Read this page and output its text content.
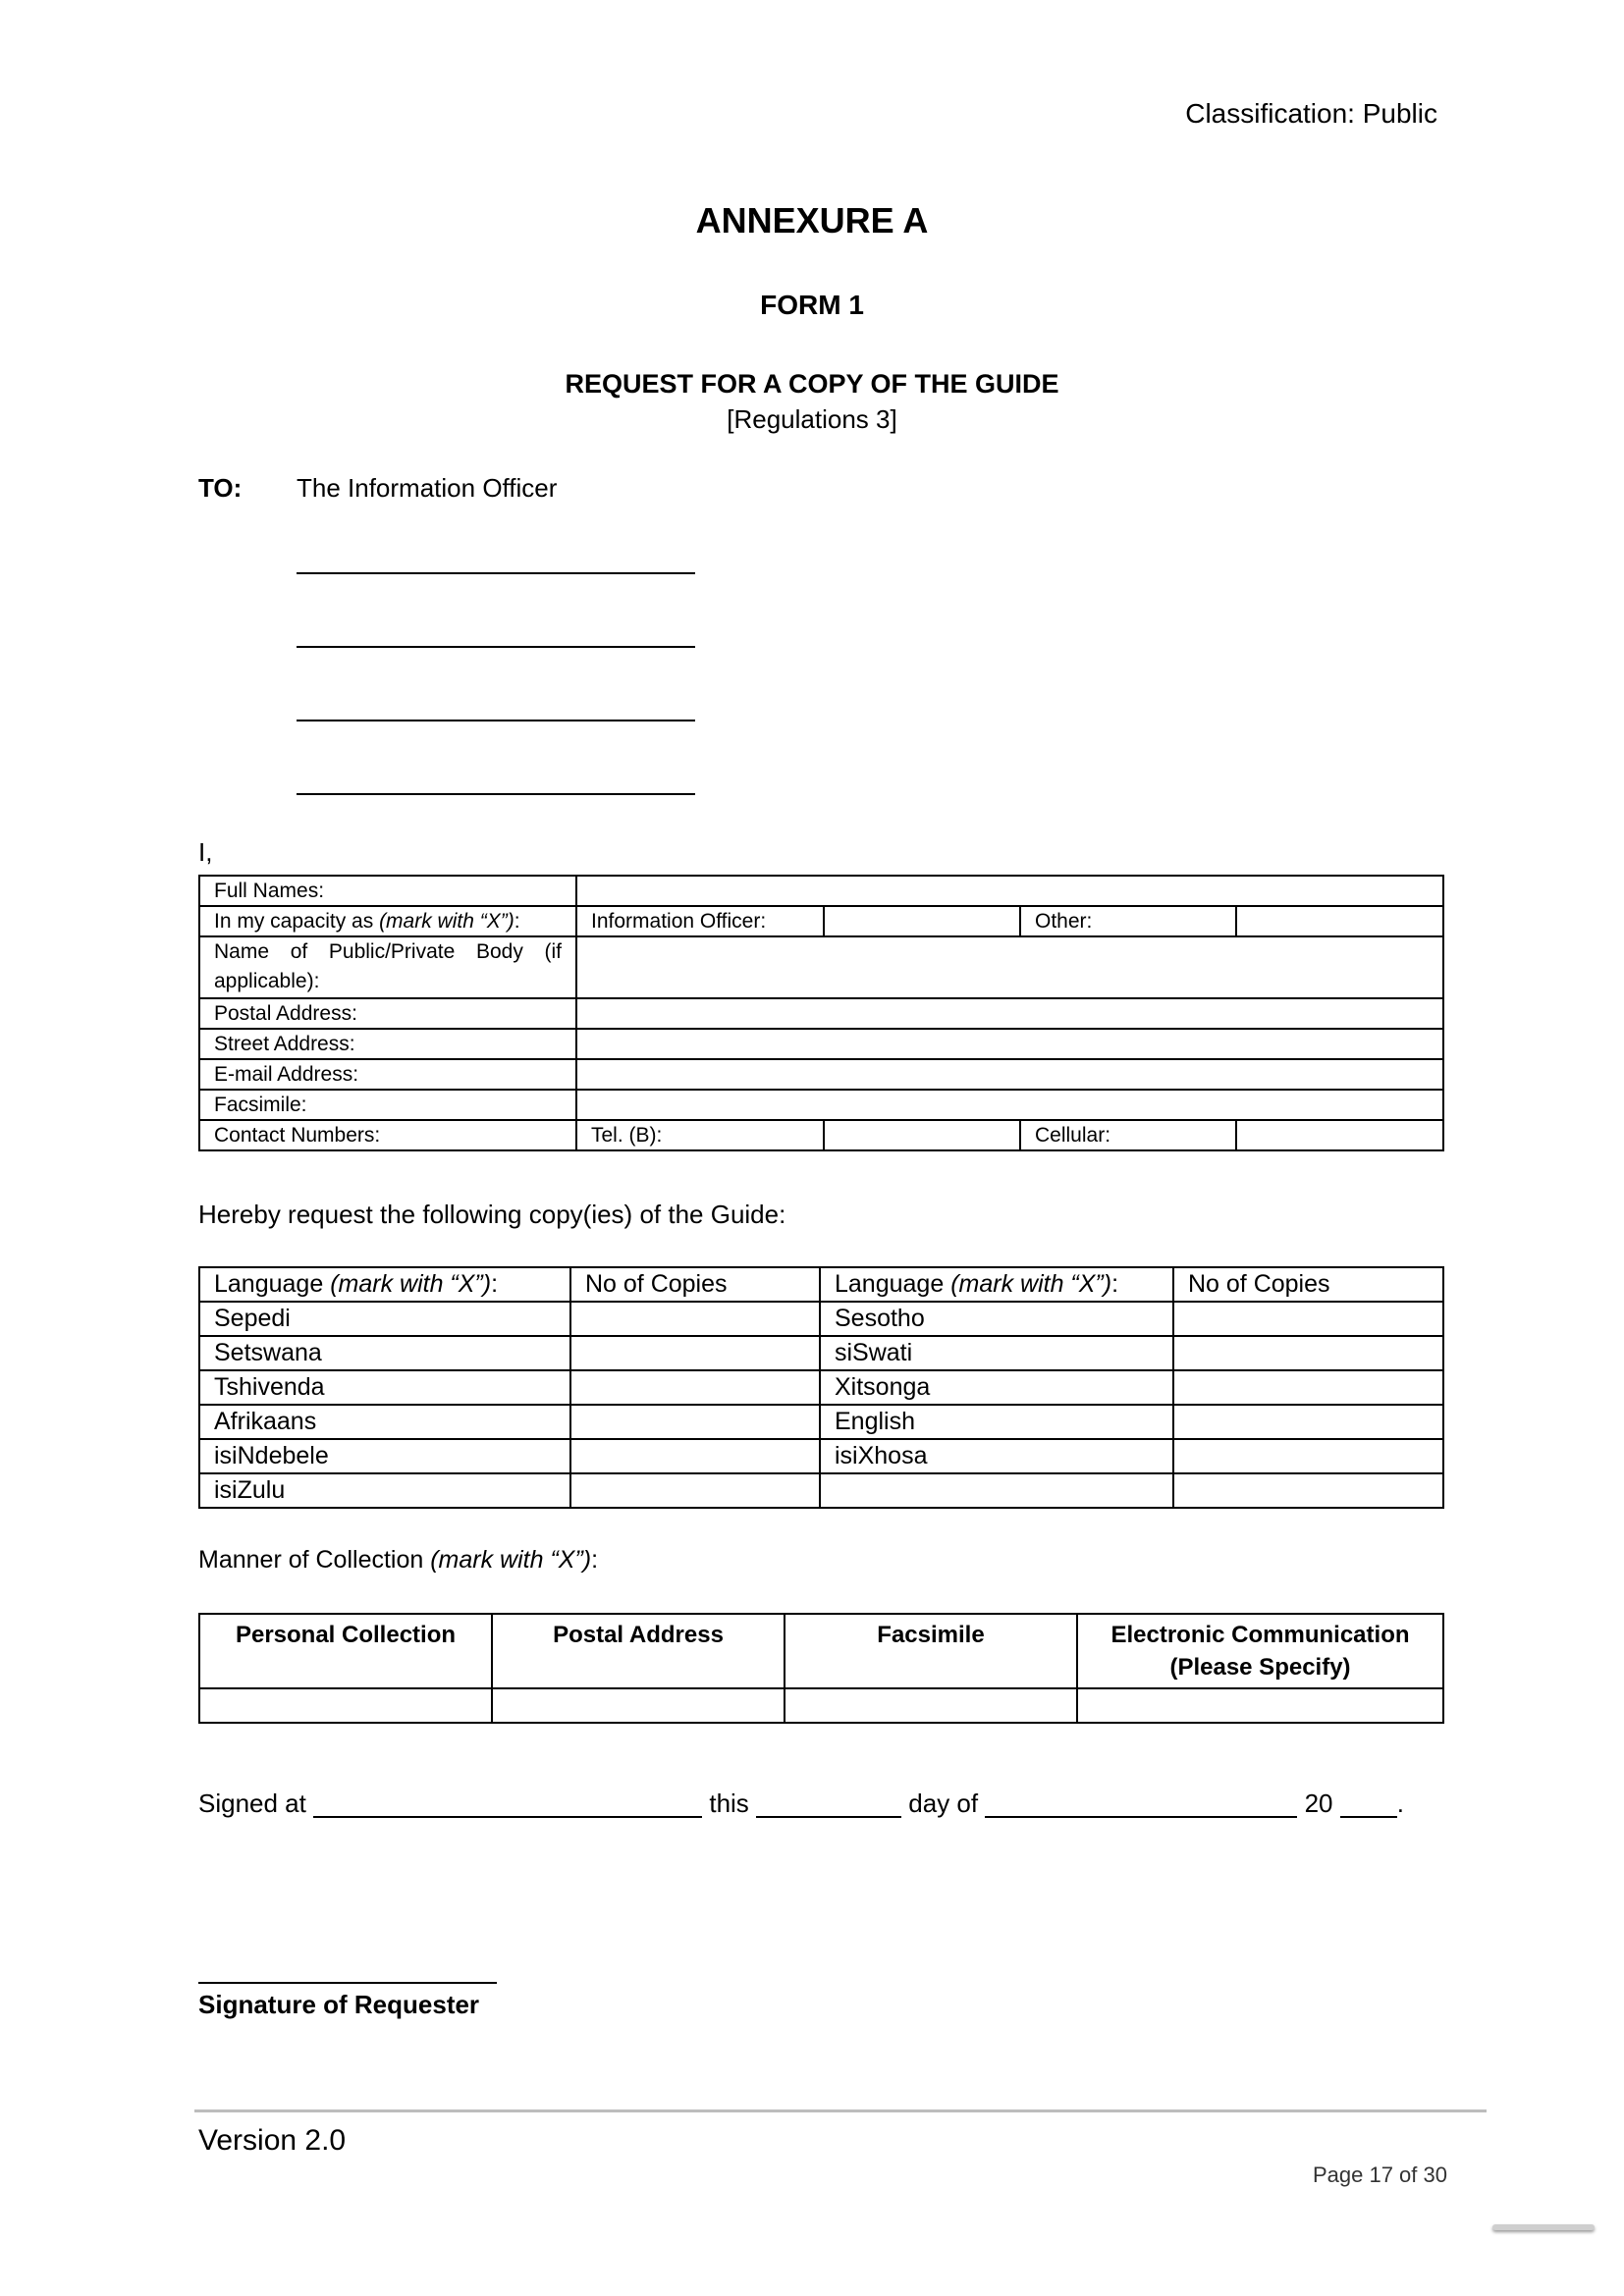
Classification: Public
ANNEXURE A
FORM 1
REQUEST FOR A COPY OF THE GUIDE
[Regulations 3]
TO: The Information Officer
I,
Full Names:				
In my capacity as (mark with “X”):	Information Officer:		Other:	
Name of Public/Private Body (if applicable):				
Postal Address:				
Street Address:				
E-mail Address:				
Facsimile:				
Contact Numbers:	Tel. (B):		Cellular:	
Hereby request the following copy(ies) of the Guide:
Language (mark with “X”):	No of Copies	Language (mark with “X”):	No of Copies
Sepedi		Sesotho	
Setswana		siSwati	
Tshivenda		Xitsonga	
Afrikaans		English	
isiNdebele		isiXhosa	
isiZulu			
Manner of Collection (mark with “X”):
Personal Collection	Postal Address	Facsimile	Electronic Communication (Please Specify)

Signed at	this	day of	20	.
Signature of Requester
Version 2.0
Page 17 of 30
